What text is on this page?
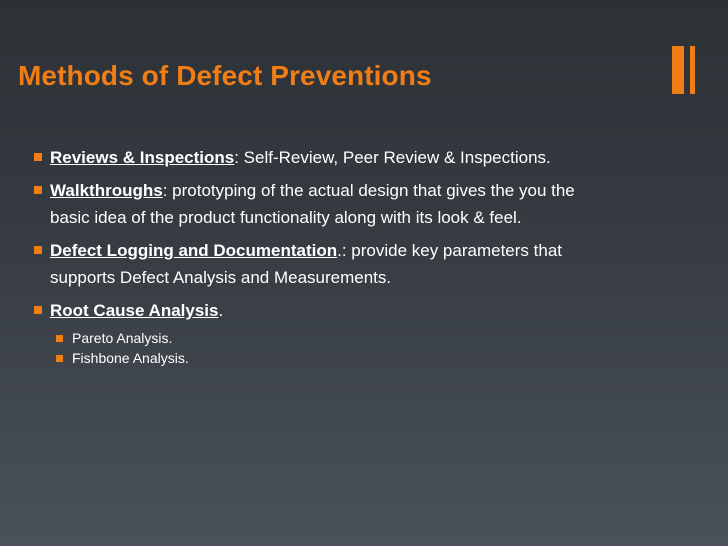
Methods of Defect Preventions
Reviews & Inspections: Self-Review, Peer Review & Inspections.
Walkthroughs: prototyping of the actual design that gives the you the basic idea of the product functionality along with its look & feel.
Defect Logging and Documentation.: provide key parameters that supports Defect Analysis and Measurements.
Root Cause Analysis.
Pareto Analysis.
Fishbone Analysis.
